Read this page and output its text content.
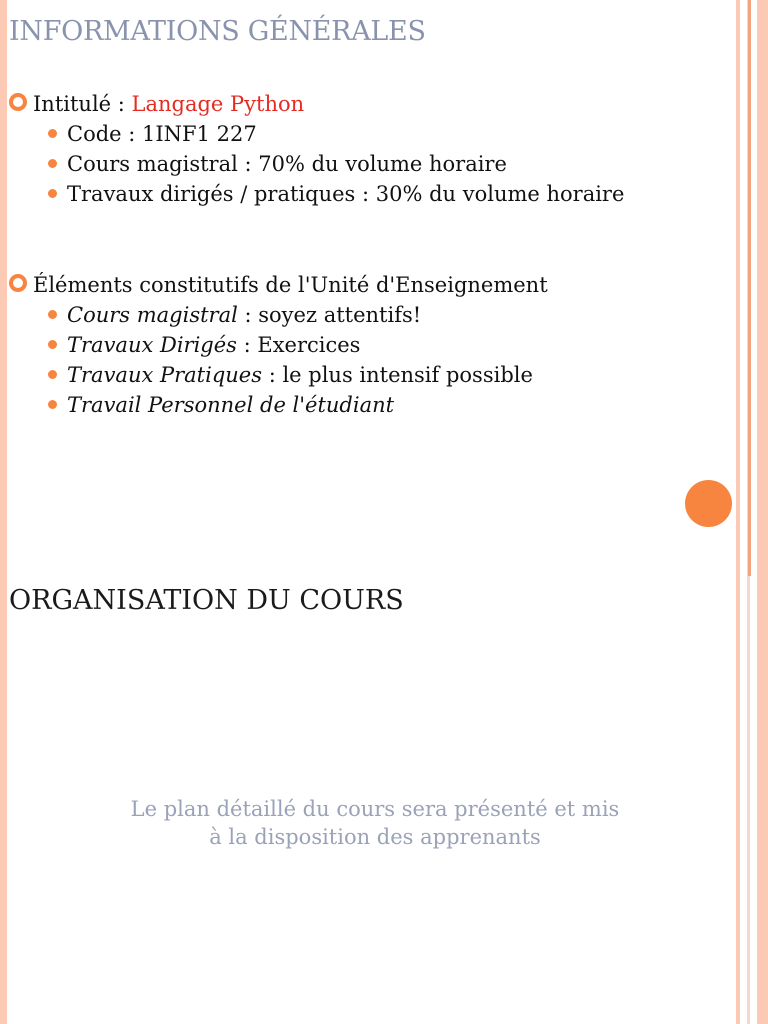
INFORMATIONS GÉNÉRALES
Intitulé : Langage Python
Code : 1INF1 227
Cours magistral : 70% du volume horaire
Travaux dirigés / pratiques : 30% du volume horaire
Éléments constitutifs de l'Unité d'Enseignement
Cours magistral : soyez attentifs!
Travaux Dirigés : Exercices
Travaux Pratiques : le plus intensif possible
Travail Personnel de l'étudiant
ORGANISATION DU COURS
Le plan détaillé du cours sera présenté et mis
à la disposition des apprenants
